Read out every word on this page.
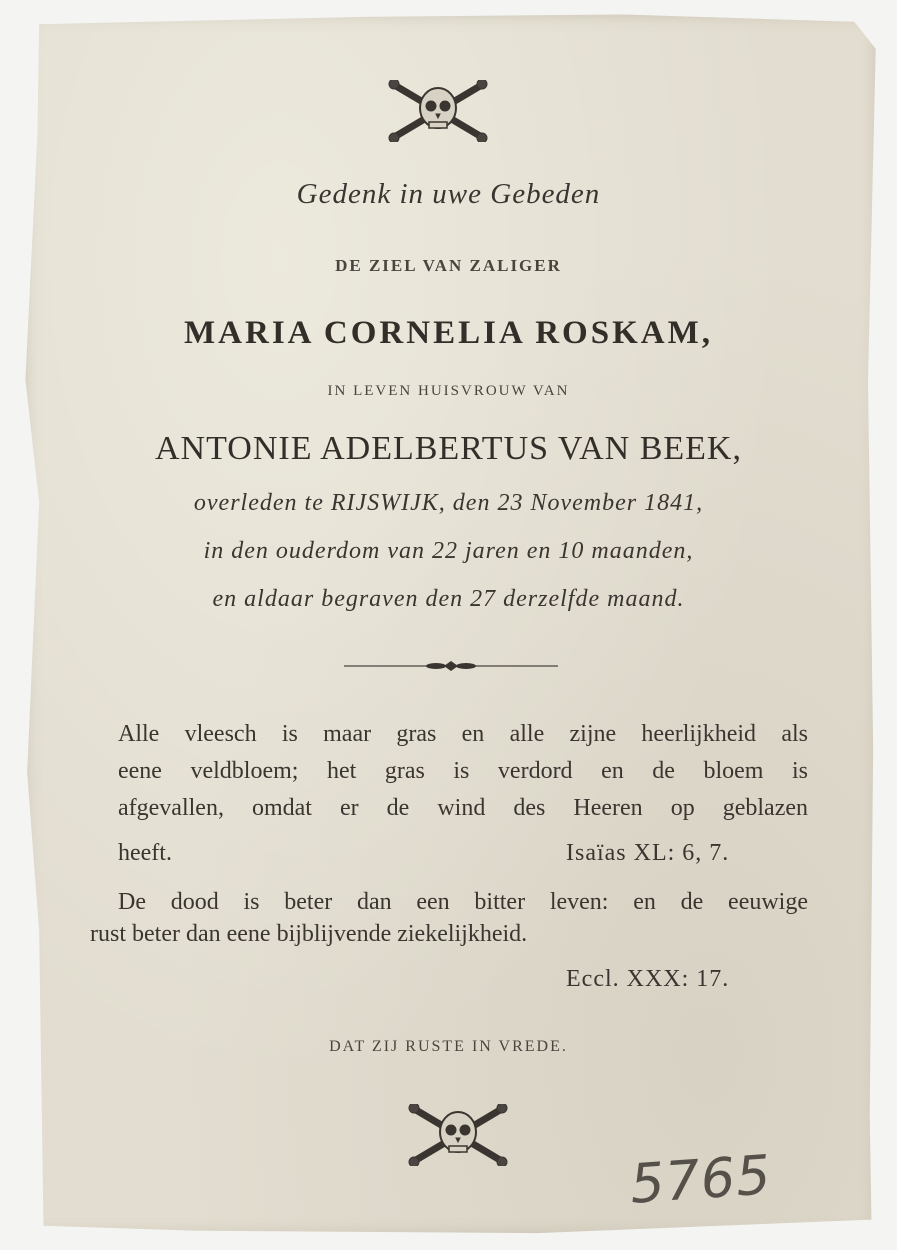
Gedenk in uwe Gebeden
DE ZIEL VAN ZALIGER
MARIA CORNELIA ROSKAM,
IN LEVEN HUISVROUW VAN
ANTONIE ADELBERTUS VAN BEEK,
overleden te RIJSWIJK, den 23 November 1841,
in den ouderdom van 22 jaren en 10 maanden,
en aldaar begraven den 27 derzelfde maand.
Alle vleesch is maar gras en alle zijne heerlijkheid als
eene veldbloem; het gras is verdord en de bloem is
afgevallen, omdat er de wind des Heeren op geblazen
heeft.	Isaïas XL: 6, 7.
De dood is beter dan een bitter leven: en de eeuwige
rust beter dan eene bijblijvende ziekelijkheid.
Eccl. XXX: 17.
DAT ZIJ RUSTE IN VREDE.
5765
